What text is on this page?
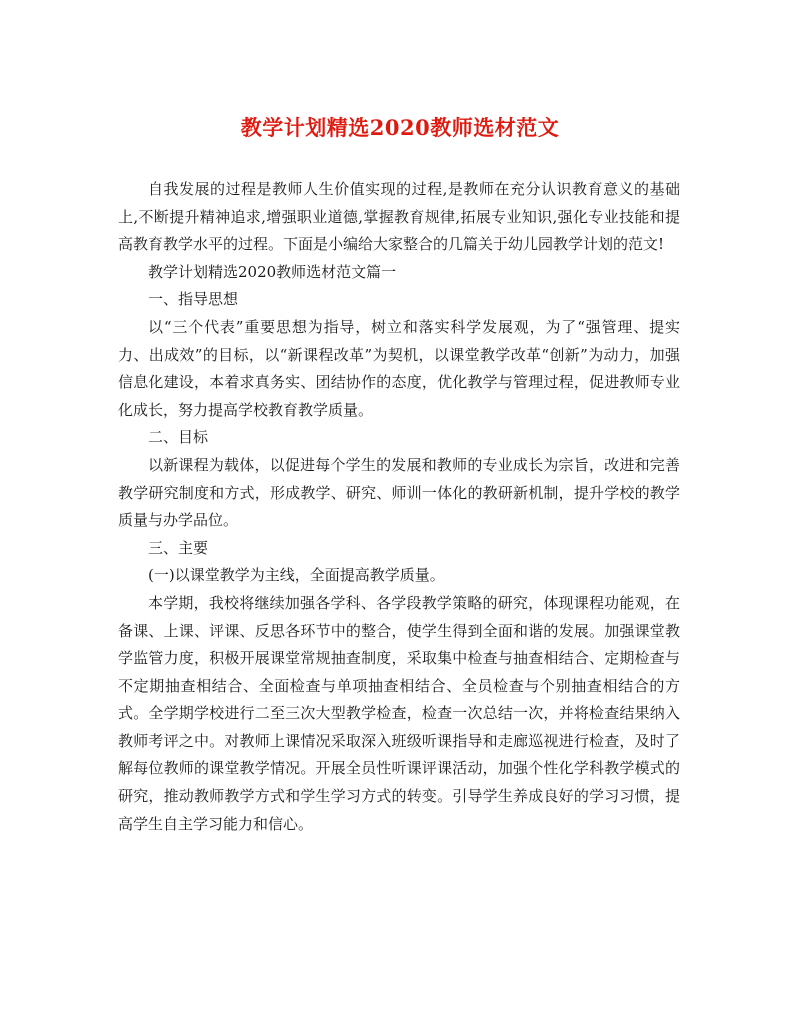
教学计划精选2020教师选材范文

自我发展的过程是教师人生价值实现的过程,是教师在充分认识教育意义的基础上,不断提升精神追求,增强职业道德,掌握教育规律,拓展专业知识,强化专业技能和提高教育教学水平的过程。下面是小编给大家整合的几篇关于幼儿园教学计划的范文!

教学计划精选2020教师选材范文篇一

一、指导思想

以“三个代表”重要思想为指导，树立和落实科学发展观，为了“强管理、提实力、出成效”的目标，以“新课程改革”为契机，以课堂教学改革“创新”为动力，加强信息化建设，本着求真务实、团结协作的态度，优化教学与管理过程，促进教师专业化成长，努力提高学校教育教学质量。

二、目标

以新课程为载体，以促进每个学生的发展和教师的专业成长为宗旨，改进和完善教学研究制度和方式，形成教学、研究、师训一体化的教研新机制，提升学校的教学质量与办学品位。

三、主要

(一)以课堂教学为主线，全面提高教学质量。

本学期，我校将继续加强各学科、各学段教学策略的研究，体现课程功能观，在备课、上课、评课、反思各环节中的整合，使学生得到全面和谐的发展。加强课堂教学监管力度，积极开展课堂常规抽查制度，采取集中检查与抽查相结合、定期检查与不定期抽查相结合、全面检查与单项抽查相结合、全员检查与个别抽查相结合的方式。全学期学校进行二至三次大型教学检查，检查一次总结一次，并将检查结果纳入教师考评之中。对教师上课情况采取深入班级听课指导和走廊巡视进行检查，及时了解每位教师的课堂教学情况。开展全员性听课评课活动，加强个性化学科教学模式的研究，推动教师教学方式和学生学习方式的转变。引导学生养成良好的学习习惯，提高学生自主学习能力和信心。
